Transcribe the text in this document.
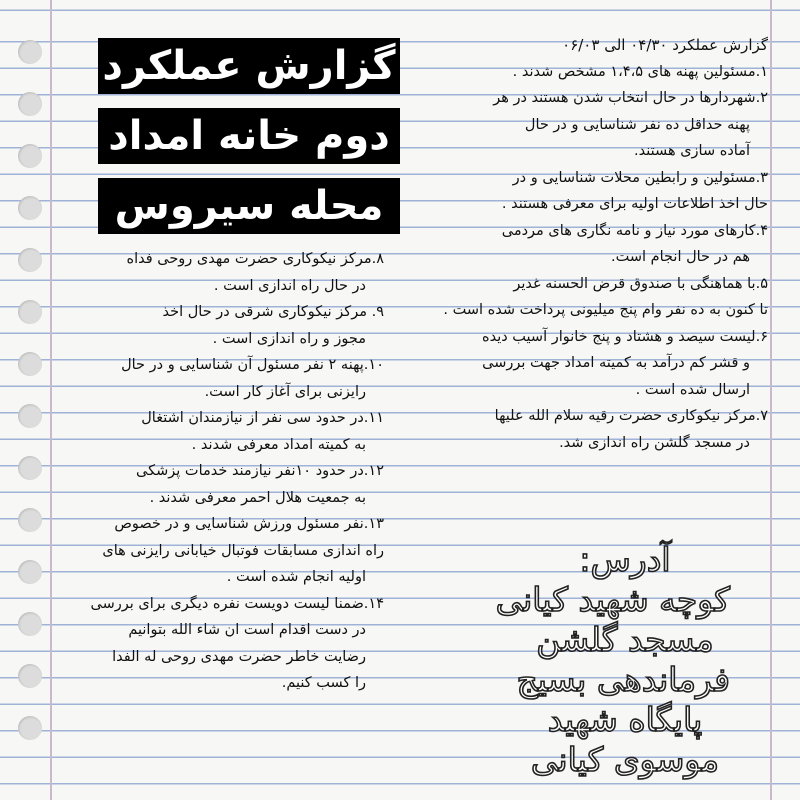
گزارش عملکرد
دوم خانه امداد
محله سیروس

گزارش عملکرد ۰۴/۳۰ الی ۰۶/۰۳

۱.مسئولین پهنه های ۱،۴،۵ مشخص شدند .

۲.شهردارها در حال انتخاب شدن هستند در هر

پهنه حداقل ده نفر شناسایی و در حال

آماده سازی هستند.

۳.مسئولین و رابطین محلات شناسایی و در

حال اخذ اطلاعات اولیه برای معرفی هستند .

۴.کارهای مورد نیاز و نامه نگاری های مردمی

هم در حال انجام است.

۵.با هماهنگی با صندوق قرض الحسنه غدیر

تا کنون به ده نفر وام پنج میلیونی پرداخت شده است .

۶.لیست سیصد و هشتاد و پنج خانوار آسیب دیده

و قشر کم درآمد به کمیته امداد جهت بررسی

ارسال شده است .

۷.مرکز نیکوکاری حضرت رقیه سلام الله علیها

در مسجد گلشن راه اندازی شد.

۸.مرکز نیکوکاری حضرت مهدی روحی فداه

در حال راه اندازی است .

۹. مرکز نیکوکاری شرقی در حال اخذ

مجوز و راه اندازی است .

۱۰.پهنه ۲ نفر مسئول آن شناسایی و در حال

رایزنی برای آغاز کار است.

۱۱.در حدود سی نفر از نیازمندان اشتغال

به کمیته امداد معرفی شدند .

۱۲.در حدود ۱۰نفر نیازمند خدمات پزشکی

به جمعیت هلال احمر معرفی شدند .

۱۳.نفر مسئول ورزش شناسایی و در خصوص

راه اندازی مسابقات فوتبال خیابانی رایزنی های

اولیه انجام شده است .

۱۴.ضمنا لیست دویست نفره دیگری برای بررسی

در دست اقدام است ان شاء الله بتوانیم

رضایت خاطر حضرت مهدی روحی له الفدا

را کسب کنیم.

آدرس:
کوچه شهید کیانی
مسجد گلشن
فرماندهی بسیج
پایگاه شهید
موسوی کیانی
